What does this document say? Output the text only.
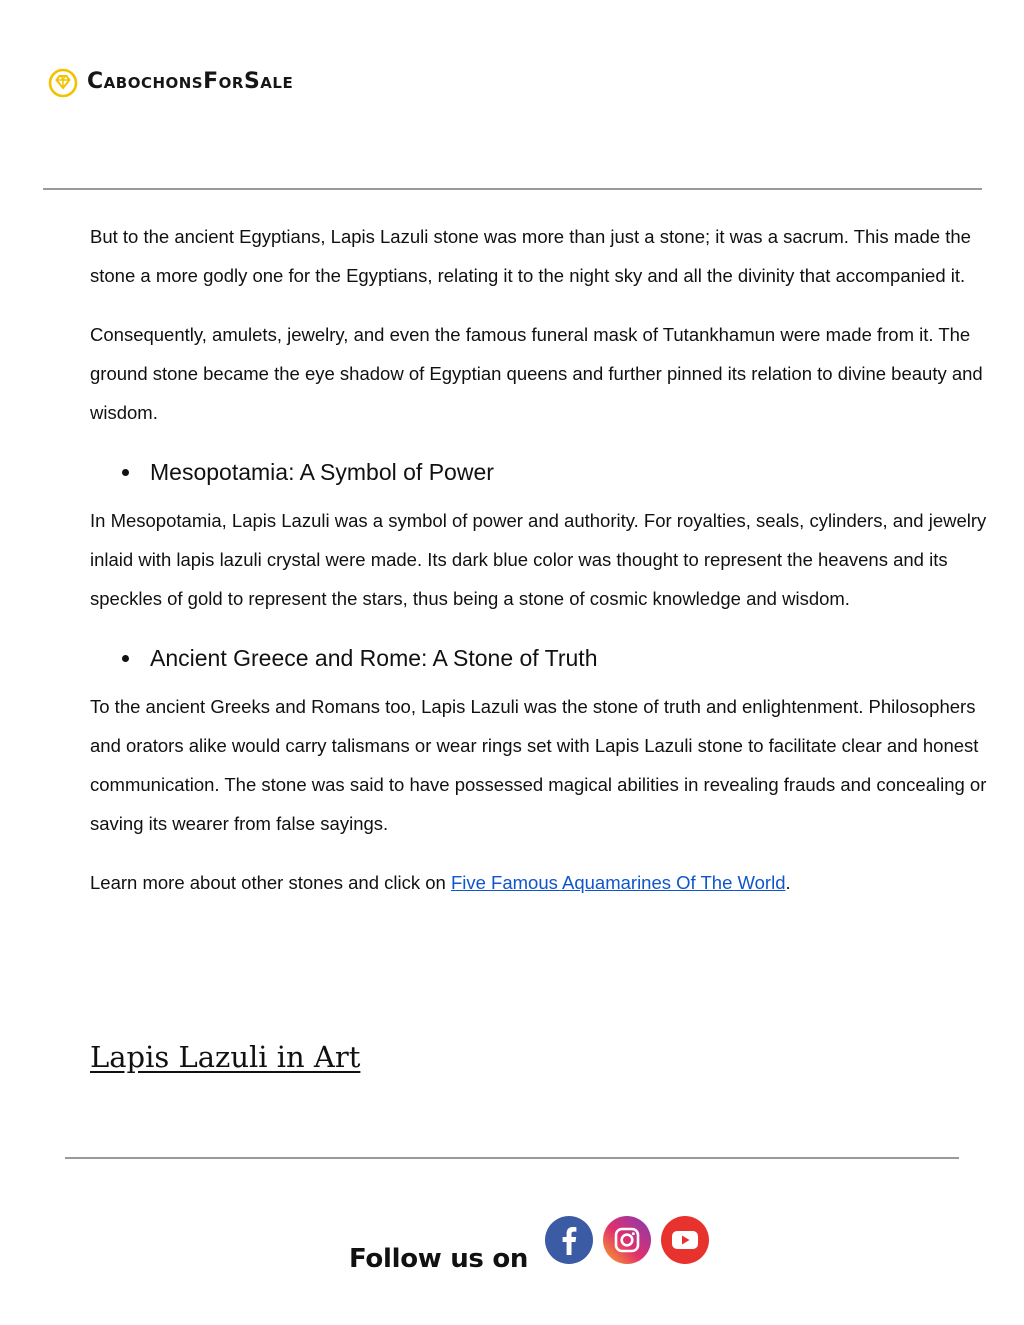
CabochonsForSale

But to the ancient Egyptians, Lapis Lazuli stone was more than just a stone; it was a sacrum. This made the stone a more godly one for the Egyptians, relating it to the night sky and all the divinity that accompanied it.

Consequently, amulets, jewelry, and even the famous funeral mask of Tutankhamun were made from it. The ground stone became the eye shadow of Egyptian queens and further pinned its relation to divine beauty and wisdom.

Mesopotamia: A Symbol of Power

In Mesopotamia, Lapis Lazuli was a symbol of power and authority. For royalties, seals, cylinders, and jewelry inlaid with lapis lazuli crystal were made. Its dark blue color was thought to represent the heavens and its speckles of gold to represent the stars, thus being a stone of cosmic knowledge and wisdom.

Ancient Greece and Rome: A Stone of Truth

To the ancient Greeks and Romans too, Lapis Lazuli was the stone of truth and enlightenment. Philosophers and orators alike would carry talismans or wear rings set with Lapis Lazuli stone to facilitate clear and honest communication. The stone was said to have possessed magical abilities in revealing frauds and concealing or saving its wearer from false sayings.

Learn more about other stones and click on Five Famous Aquamarines Of The World.

Lapis Lazuli in Art
Follow us on
